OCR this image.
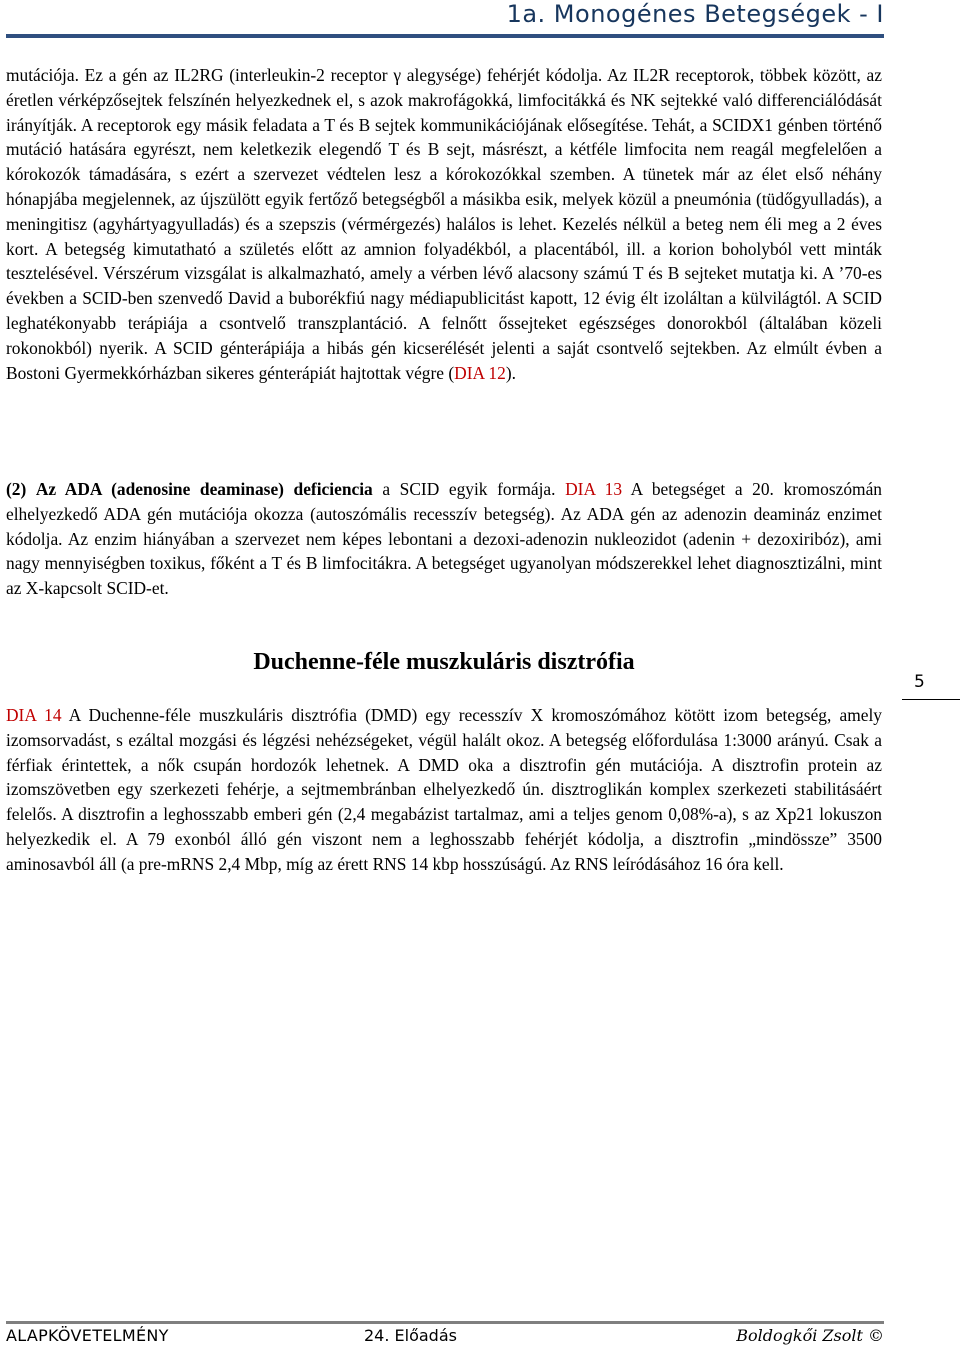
1a. Monogénes Betegségek - I

mutációja. Ez a gén az IL2RG (interleukin-2 receptor γ alegysége) fehérjét kódolja. Az IL2R receptorok, többek között, az éretlen vérképzősejtek felszínén helyezkednek el, s azok makrofágokká, limfocitákká és NK sejtekké való differenciálódását irányítják. A receptorok egy másik feladata a T és B sejtek kommunikációjának elősegítése. Tehát, a SCIDX1 génben történő mutáció hatására egyrészt, nem keletkezik elegendő T és B sejt, másrészt, a kétféle limfocita nem reagál megfelelően a kórokozók támadására, s ezért a szervezet védtelen lesz a kórokozókkal szemben. A tünetek már az élet első néhány hónapjába megjelennek, az újszülött egyik fertőző betegségből a másikba esik, melyek közül a pneumónia (tüdőgyulladás), a meningitisz (agyhártyagyulladás) és a szepszis (vérmérgezés) halálos is lehet. Kezelés nélkül a beteg nem éli meg a 2 éves kort. A betegség kimutatható a születés előtt az amnion folyadékból, a placentából, ill. a korion boholyból vett minták tesztelésével. Vérszérum vizsgálat is alkalmazható, amely a vérben lévő alacsony számú T és B sejteket mutatja ki. A ’70-es években a SCID-ben szenvedő David a buborékfiú nagy médiapublicitást kapott, 12 évig élt izoláltan a külvilágtól. A SCID leghatékonyabb terápiája a csontvelő transzplantáció. A felnőtt őssejteket egészséges donorokból (általában közeli rokonokból) nyerik. A SCID génterápiája a hibás gén kicserélését jelenti a saját csontvelő sejtekben. Az elmúlt évben a Bostoni Gyermekkórházban sikeres génterápiát hajtottak végre (DIA 12).

(2) Az ADA (adenosine deaminase) deficiencia a SCID egyik formája. DIA 13 A betegséget a 20. kromoszómán elhelyezkedő ADA gén mutációja okozza (autoszómális recesszív betegség). Az ADA gén az adenozin deamináz enzimet kódolja. Az enzim hiányában a szervezet nem képes lebontani a dezoxi-adenozin nukleozidot (adenin + dezoxiribóz), ami nagy mennyiségben toxikus, főként a T és B limfocitákra. A betegséget ugyanolyan módszerekkel lehet diagnosztizálni, mint az X-kapcsolt SCID-et.

Duchenne-féle muszkuláris disztrófia
5

DIA 14 A Duchenne-féle muszkuláris disztrófia (DMD) egy recesszív X kromoszómához kötött izom betegség, amely izomsorvadást, s ezáltal mozgási és légzési nehézségeket, végül halált okoz. A betegség előfordulása 1:3000 arányú. Csak a férfiak érintettek, a nők csupán hordozók lehetnek. A DMD oka a disztrofin gén mutációja. A disztrofin protein az izomszövetben egy szerkezeti fehérje, a sejtmembránban elhelyezkedő ún. disztroglikán komplex szerkezeti stabilitásáért felelős. A disztrofin a leghosszabb emberi gén (2,4 megabázist tartalmaz, ami a teljes genom 0,08%-a), s az Xp21 lokuszon helyezkedik el. A 79 exonból álló gén viszont nem a leghosszabb fehérjét kódolja, a disztrofin „mindössze” 3500 aminosavból áll (a pre-mRNS 2,4 Mbp, míg az érett RNS 14 kbp hosszúságú. Az RNS leíródásához 16 óra kell.

ALAPKÖVETELMÉNY	24. Előadás	Boldogkői Zsolt ©
